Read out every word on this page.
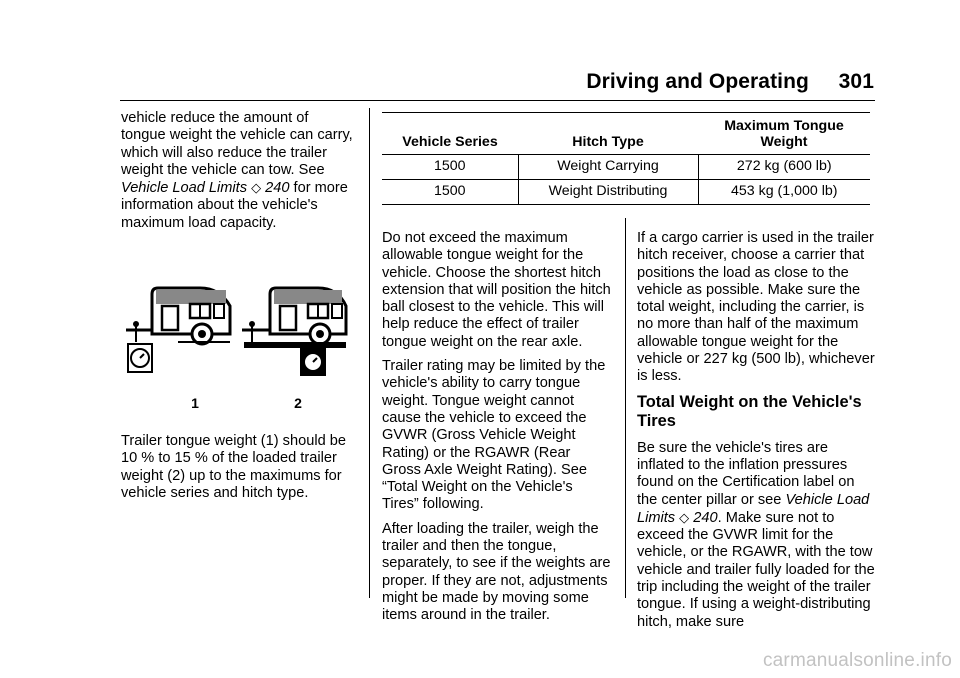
Driving and Operating 301

vehicle reduce the amount of tongue weight the vehicle can carry, which will also reduce the trailer weight the vehicle can tow. See Vehicle Load Limits ◇ 240 for more information about the vehicle's maximum load capacity.

1	2

Trailer tongue weight (1) should be 10 % to 15 % of the loaded trailer weight (2) up to the maximums for vehicle series and hitch type.

Vehicle Series	Hitch Type	Maximum Tongue Weight
1500	Weight Carrying	272 kg (600 lb)
1500	Weight Distributing	453 kg (1,000 lb)

Do not exceed the maximum allowable tongue weight for the vehicle. Choose the shortest hitch extension that will position the hitch ball closest to the vehicle. This will help reduce the effect of trailer tongue weight on the rear axle.

Trailer rating may be limited by the vehicle's ability to carry tongue weight. Tongue weight cannot cause the vehicle to exceed the GVWR (Gross Vehicle Weight Rating) or the RGAWR (Rear Gross Axle Weight Rating). See “Total Weight on the Vehicle's Tires” following.

After loading the trailer, weigh the trailer and then the tongue, separately, to see if the weights are proper. If they are not, adjustments might be made by moving some items around in the trailer.

If a cargo carrier is used in the trailer hitch receiver, choose a carrier that positions the load as close to the vehicle as possible. Make sure the total weight, including the carrier, is no more than half of the maximum allowable tongue weight for the vehicle or 227 kg (500 lb), whichever is less.

Total Weight on the Vehicle's Tires

Be sure the vehicle's tires are inflated to the inflation pressures found on the Certification label on the center pillar or see Vehicle Load Limits ◇ 240. Make sure not to exceed the GVWR limit for the vehicle, or the RGAWR, with the tow vehicle and trailer fully loaded for the trip including the weight of the trailer tongue. If using a weight-distributing hitch, make sure

carmanualsonline.info
